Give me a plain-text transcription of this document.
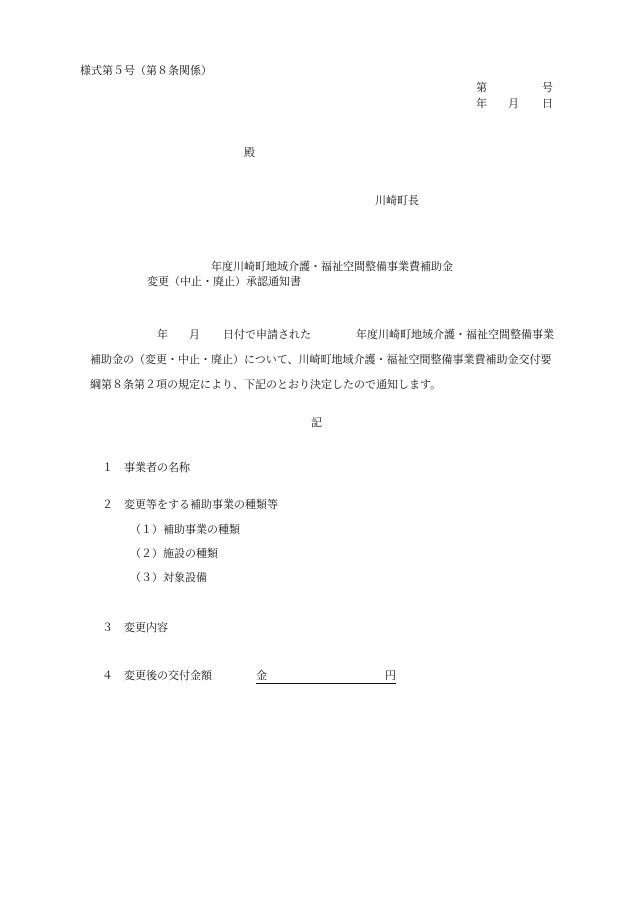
様式第５号（第８条関係）
第	号
年 月 日
殿
川崎町長
年度川崎町地域介護・福祉空間整備事業費補助金
変更（中止・廃止）承認通知書
年 月 日付で申請された	年度川崎町地域介護・福祉空間整備事業
補助金の（変更・中止・廃止）について、川崎町地域介護・福祉空間整備事業費補助金交付要
綱第８条第２項の規定により、下記のとおり決定したので通知します。
記
１ 事業者の名称
２ 変更等をする補助事業の種類等
（１）補助事業の種類
（２）施設の種類
（３）対象設備
３ 変更内容
４ 変更後の交付金額	金	円
